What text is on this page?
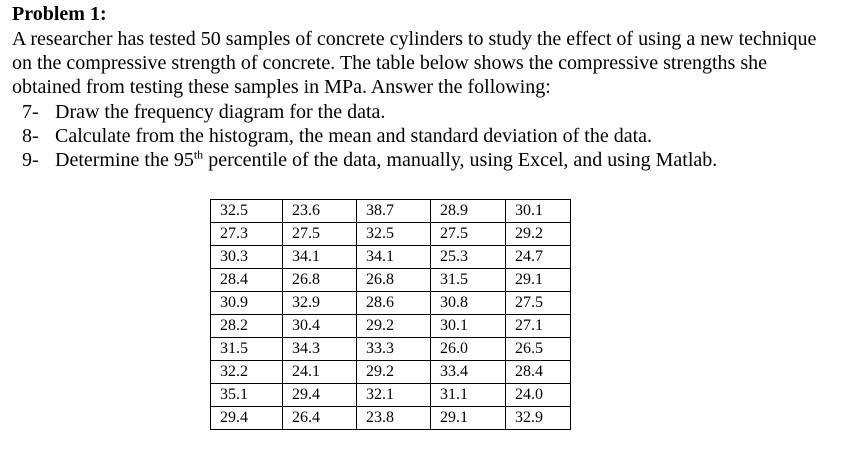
Problem 1:
A researcher has tested 50 samples of concrete cylinders to study the effect of using a new technique on the compressive strength of concrete. The table below shows the compressive strengths she obtained from testing these samples in MPa. Answer the following:
7- Draw the frequency diagram for the data.
8- Calculate from the histogram, the mean and standard deviation of the data.
9- Determine the 95th percentile of the data, manually, using Excel, and using Matlab.
32.5	23.6	38.7	28.9	30.1
27.3	27.5	32.5	27.5	29.2
30.3	34.1	34.1	25.3	24.7
28.4	26.8	26.8	31.5	29.1
30.9	32.9	28.6	30.8	27.5
28.2	30.4	29.2	30.1	27.1
31.5	34.3	33.3	26.0	26.5
32.2	24.1	29.2	33.4	28.4
35.1	29.4	32.1	31.1	24.0
29.4	26.4	23.8	29.1	32.9
